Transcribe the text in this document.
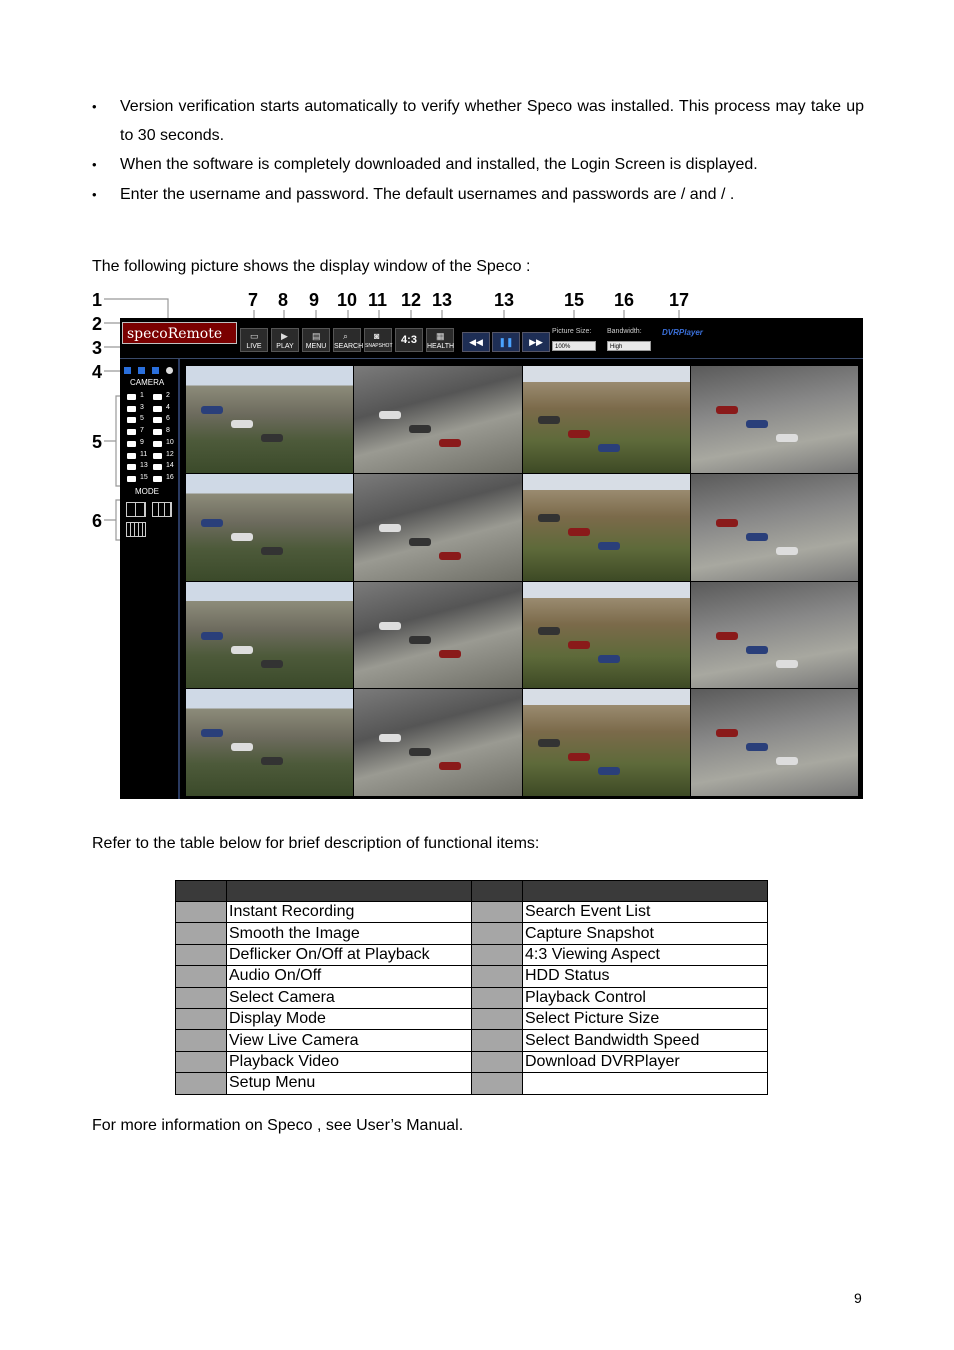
• Version verification starts automatically to verify whether Speco was installed. This process may take up to 30 seconds.
• When the software is completely downloaded and installed, the Login Screen is displayed.
• Enter the username and password. The default usernames and passwords are / and / .
The following picture shows the display window of the Speco :
1
2
3
4
5
6
7 8 9 10 11 12 13 13	15 16 17
specoRemote	▭
LIVE
▶
PLAY
▤
MENU
⌕
SEARCH
◙
SNAPSHOT 4:3	▦
HEALTH	◀◀	❚❚	▶▶
Picture Size:
100%
Bandwidth:
High
DVRPlayer
CAMERA
1	2
3	4
5	6
7	8
9	10
11	12
13	14
15	16
MODE
Refer to the table below for brief description of functional items:

	Instant Recording		Search Event List
	Smooth the Image		Capture Snapshot
	Deflicker On/Off at Playback		4:3 Viewing Aspect
	Audio On/Off		HDD Status
	Select Camera		Playback Control
	Display Mode		Select Picture Size
	View Live Camera		Select Bandwidth Speed
	Playback Video		Download DVRPlayer
	Setup Menu		
For more information on Speco , see User’s Manual.
9
